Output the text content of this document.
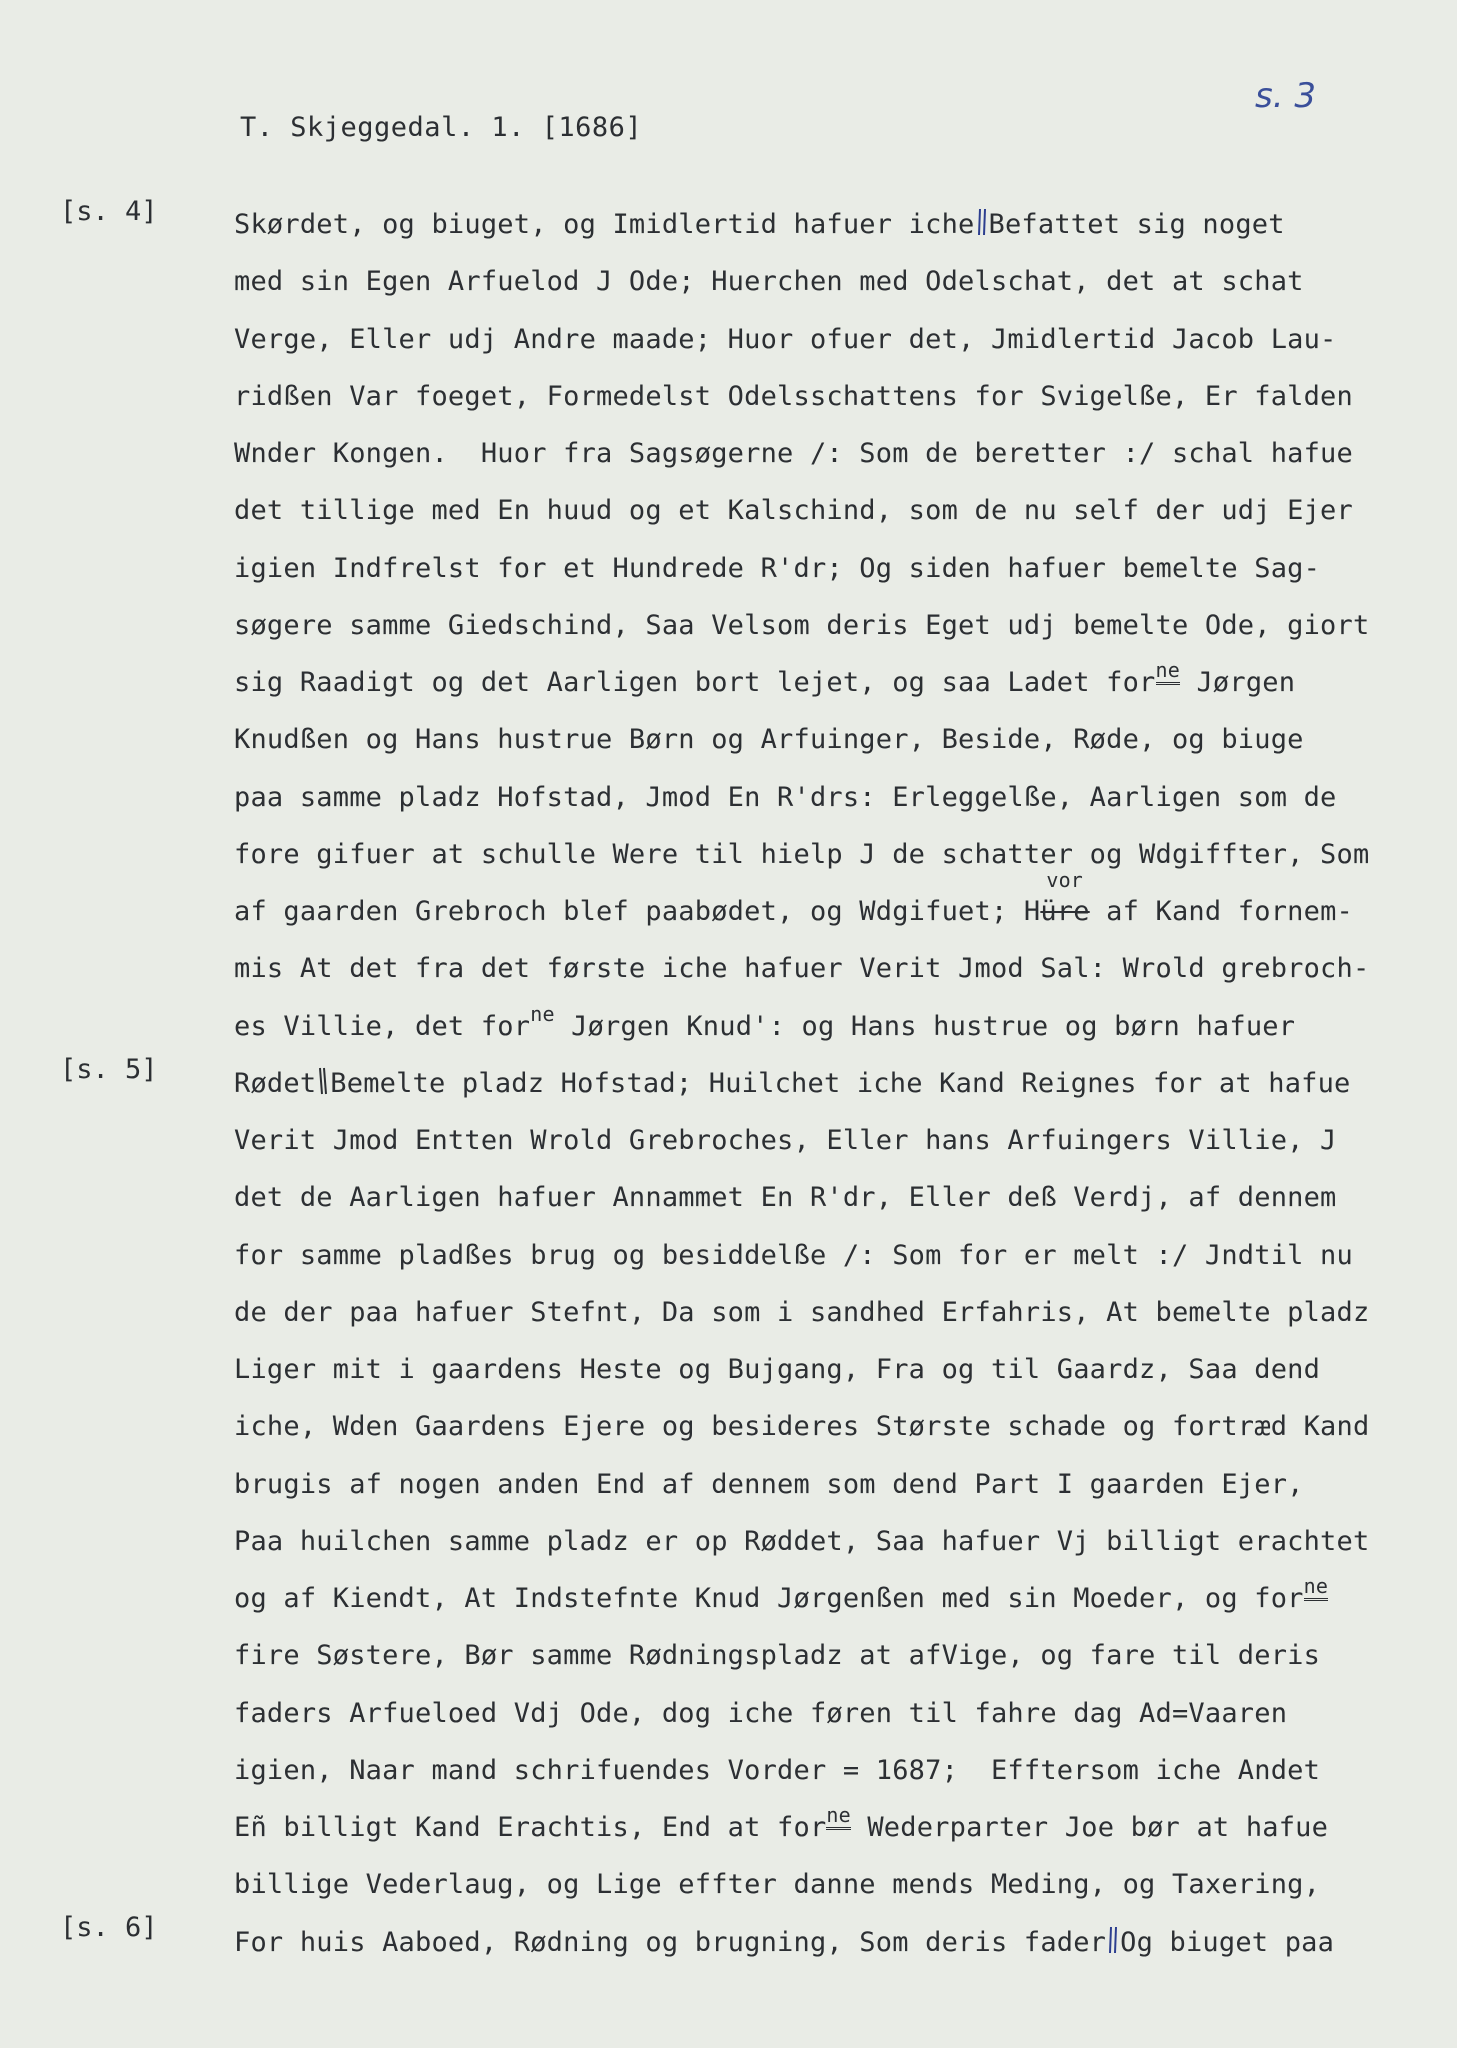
T. Skjeggedal. 1. [1686]
s. 3
[s. 4]
[s. 5]
[s. 6]
Skørdet, og biuget, og Imidlertid hafuer iche Befattet sig noget
med sin Egen Arfuelod J Ode; Huerchen med Odelschat, det at schat
Verge, Eller udj Andre maade; Huor ofuer det, Jmidlertid Jacob Lau-
ridßen Var foeget, Formedelst Odelsschattens for Svigelße, Er falden
Wnder Kongen.  Huor fra Sagsøgerne /: Som de beretter :/ schal hafue
det tillige med En huud og et Kalschind, som de nu self der udj Ejer
igien Indfrelst for et Hundrede R'dr; Og siden hafuer bemelte Sag-
søgere samme Giedschind, Saa Velsom deris Eget udj bemelte Ode, giort
sig Raadigt og det Aarligen bort lejet, og saa Ladet for$^{ne}$ Jørgen
Knudßen og Hans hustrue Børn og Arfuinger, Beside, Røde, og biuge
paa samme pladz Hofstad, Jmod En R'drs: Erleggelße, Aarligen som de
fore gifuer at schulle Were til hielp J de schatter og Wdgiffter, Som
af gaarden Grebroch blef paabødet, og Wdgifuet; H
vor
üre af Kand fornem-
mis At det fra det første iche hafuer Verit Jmod Sal: Wrold grebroch-
es Villie, det for$^{ne}$ Jørgen Knud': og Hans hustrue og børn hafuer
Rødet Bemelte pladz Hofstad; Huilchet iche Kand Reignes for at hafue
Verit Jmod Entten Wrold Grebroches, Eller hans Arfuingers Villie, J
det de Aarligen hafuer Annammet En R'dr, Eller deß Verdj, af dennem
for samme pladßes brug og besiddelße /: Som for er melt :/ Jndtil nu
de der paa hafuer Stefnt, Da som i sandhed Erfahris, At bemelte pladz
Liger mit i gaardens Heste og Bujgang, Fra og til Gaardz, Saa dend
iche, Wden Gaardens Ejere og besideres Største schade og fortræd Kand
brugis af nogen anden End af dennem som dend Part I gaarden Ejer,
Paa huilchen samme pladz er op Røddet, Saa hafuer Vj billigt erachtet
og af Kiendt, At Indstefnte Knud Jørgenßen med sin Moeder, og for$^{ne}$
fire Søstere, Bør samme Rødningspladz at afVige, og fare til deris
faders Arfueloed Vdj Ode, dog iche føren til fahre dag Ad=Vaaren
igien, Naar mand schrifuendes Vorder = 1687;  Efftersom iche Andet
Eñ billigt Kand Erachtis, End at for$^{ne}$ Wederparter Joe bør at hafue
billige Vederlaug, og Lige effter danne mends Meding, og Taxering,
For huis Aaboed, Rødning og brugning, Som deris fader Og biuget paa
